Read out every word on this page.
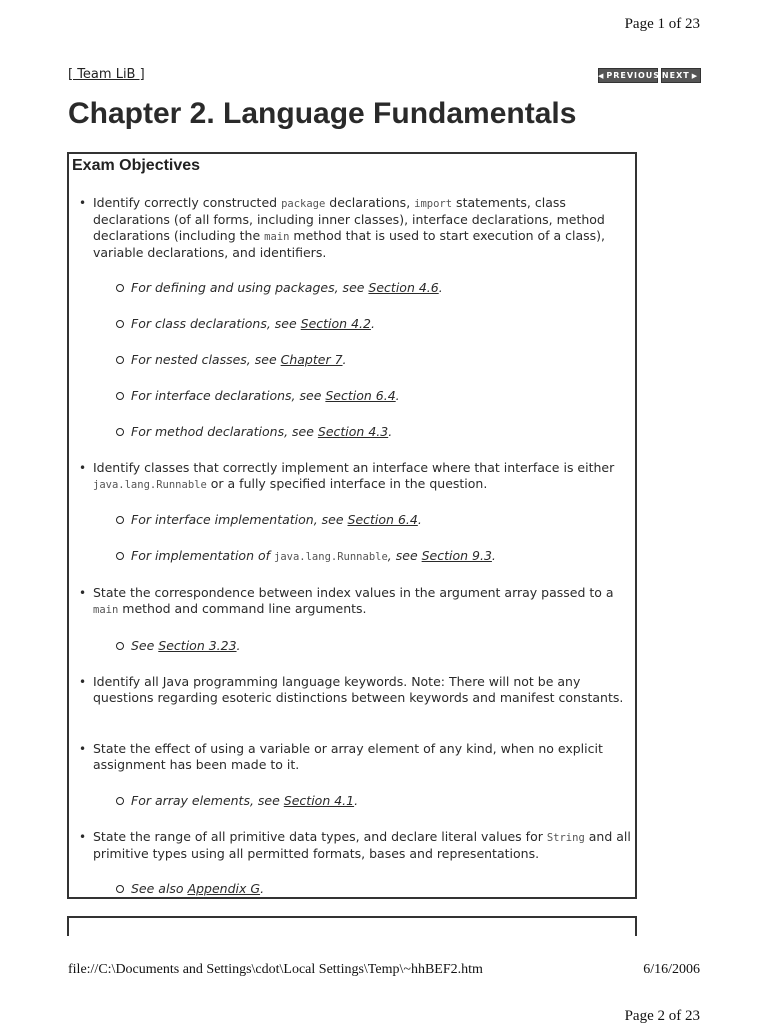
Page 1 of 23
[ Team LiB ]	◀ PREVIOUS NEXT ▶
Chapter 2. Language Fundamentals
Exam Objectives
• Identify correctly constructed package declarations, import statements, class declarations (of all forms, including inner classes), interface declarations, method declarations (including the main method that is used to start execution of a class), variable declarations, and identifiers.
For defining and using packages, see Section 4.6.
For class declarations, see Section 4.2.
For nested classes, see Chapter 7.
For interface declarations, see Section 6.4.
For method declarations, see Section 4.3.
• Identify classes that correctly implement an interface where that interface is either java.lang.Runnable or a fully specified interface in the question.
For interface implementation, see Section 6.4.
For implementation of java.lang.Runnable, see Section 9.3.
• State the correspondence between index values in the argument array passed to a main method and command line arguments.
See Section 3.23.
• Identify all Java programming language keywords. Note: There will not be any questions regarding esoteric distinctions between keywords and manifest constants.
• State the effect of using a variable or array element of any kind, when no explicit assignment has been made to it.
For array elements, see Section 4.1.
• State the range of all primitive data types, and declare literal values for String and all primitive types using all permitted formats, bases and representations.
See also Appendix G.
file://C:\Documents and Settings\cdot\Local Settings\Temp\~hhBEF2.htm	6/16/2006
Page 2 of 23
